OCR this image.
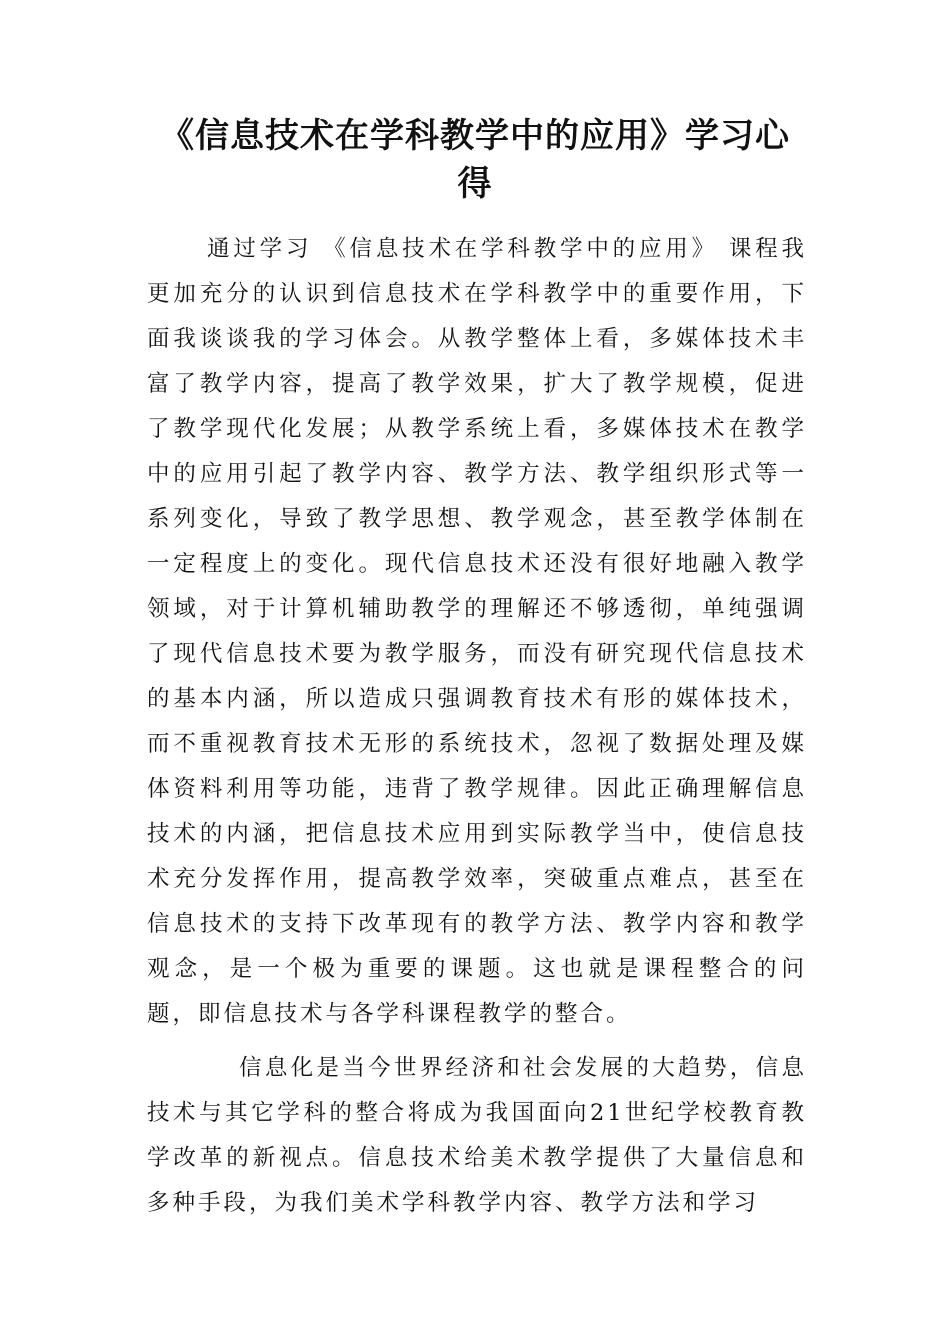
《信息技术在学科教学中的应用》学习心得

通过学习 《信息技术在学科教学中的应用》 课程我更加充分的认识到信息技术在学科教学中的重要作用，下面我谈谈我的学习体会。从教学整体上看，多媒体技术丰富了教学内容，提高了教学效果，扩大了教学规模，促进了教学现代化发展；从教学系统上看，多媒体技术在教学中的应用引起了教学内容、教学方法、教学组织形式等一系列变化，导致了教学思想、教学观念，甚至教学体制在一定程度上的变化。现代信息技术还没有很好地融入教学领域，对于计算机辅助教学的理解还不够透彻，单纯强调了现代信息技术要为教学服务，而没有研究现代信息技术的基本内涵，所以造成只强调教育技术有形的媒体技术，而不重视教育技术无形的系统技术，忽视了数据处理及媒体资料利用等功能，违背了教学规律。因此正确理解信息技术的内涵，把信息技术应用到实际教学当中，使信息技术充分发挥作用，提高教学效率，突破重点难点，甚至在信息技术的支持下改革现有的教学方法、教学内容和教学观念，是一个极为重要的课题。这也就是课程整合的问题，即信息技术与各学科课程教学的整合。

信息化是当今世界经济和社会发展的大趋势，信息技术与其它学科的整合将成为我国面向21世纪学校教育教学改革的新视点。信息技术给美术教学提供了大量信息和多种手段，为我们美术学科教学内容、教学方法和学习
